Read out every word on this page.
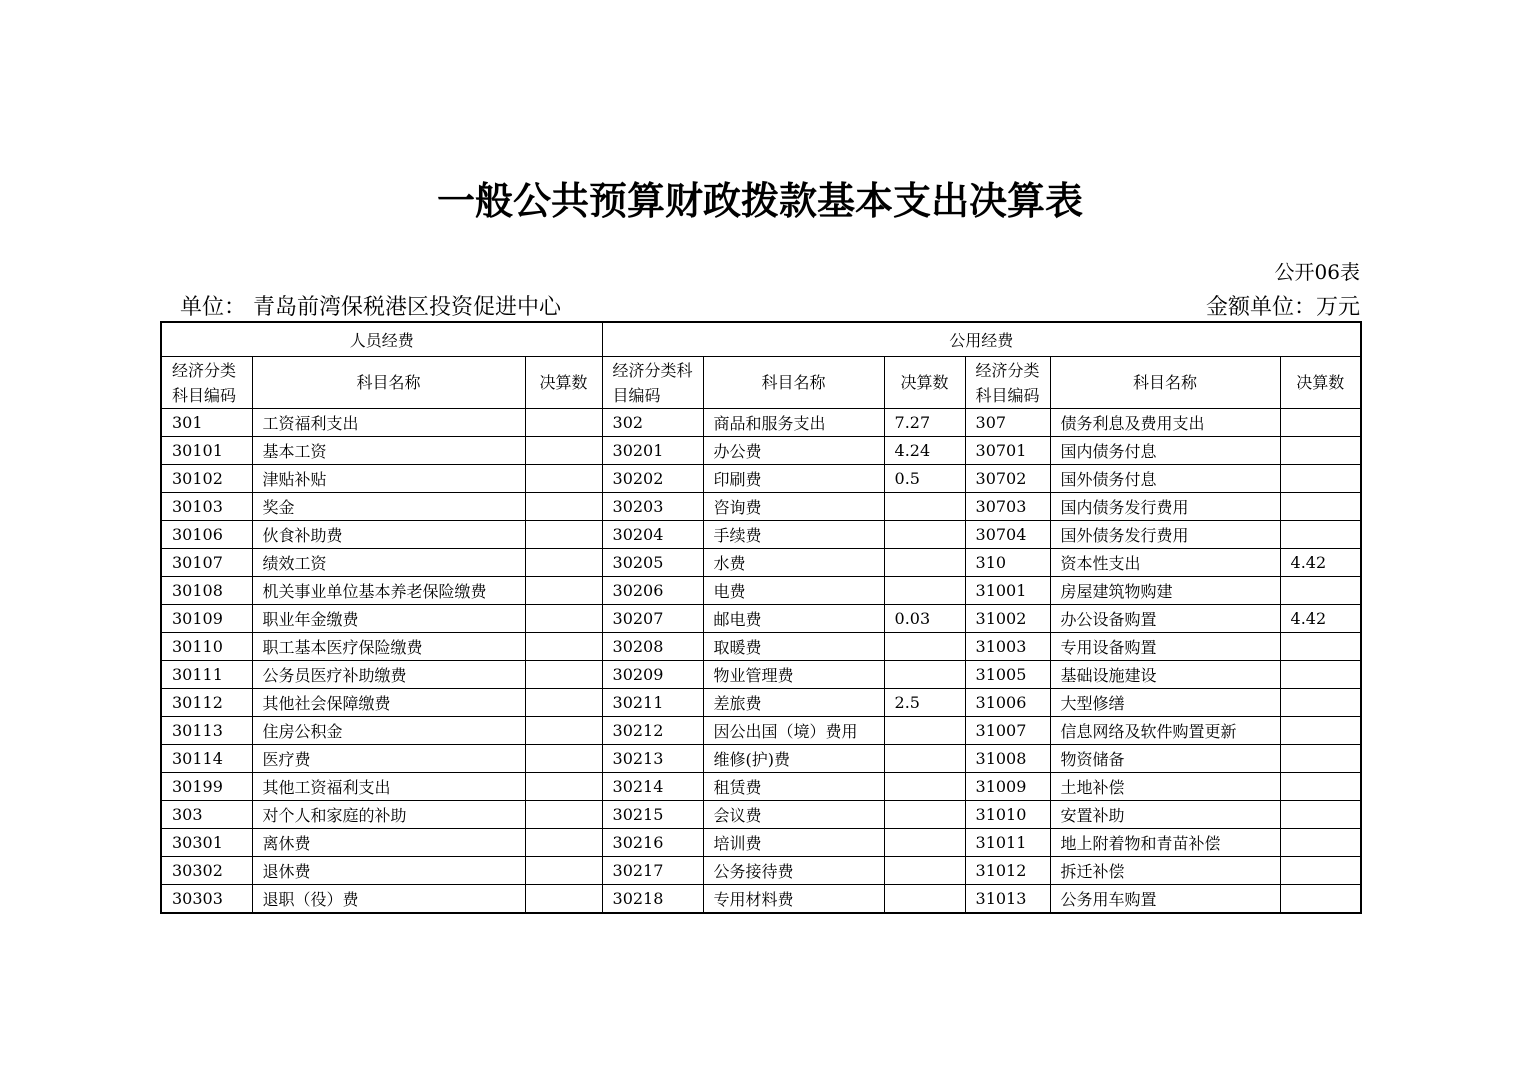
一般公共预算财政拨款基本支出决算表
公开06表
单位： 青岛前湾保税港区投资促进中心	金额单位：万元
人员经费			公用经费					
经济分类科目编码	科目名称	决算数	经济分类科目编码	科目名称	决算数	经济分类科目编码	科目名称	决算数
301	工资福利支出		302	商品和服务支出	7.27	307	债务利息及费用支出	
30101	基本工资		30201	办公费	4.24	30701	国内债务付息	
30102	津贴补贴		30202	印刷费	0.5	30702	国外债务付息	
30103	奖金		30203	咨询费		30703	国内债务发行费用	
30106	伙食补助费		30204	手续费		30704	国外债务发行费用	
30107	绩效工资		30205	水费		310	资本性支出	4.42
30108	机关事业单位基本养老保险缴费		30206	电费		31001	房屋建筑物购建	
30109	职业年金缴费		30207	邮电费	0.03	31002	办公设备购置	4.42
30110	职工基本医疗保险缴费		30208	取暖费		31003	专用设备购置	
30111	公务员医疗补助缴费		30209	物业管理费		31005	基础设施建设	
30112	其他社会保障缴费		30211	差旅费	2.5	31006	大型修缮	
30113	住房公积金		30212	因公出国（境）费用		31007	信息网络及软件购置更新	
30114	医疗费		30213	维修(护)费		31008	物资储备	
30199	其他工资福利支出		30214	租赁费		31009	土地补偿	
303	对个人和家庭的补助		30215	会议费		31010	安置补助	
30301	离休费		30216	培训费		31011	地上附着物和青苗补偿	
30302	退休费		30217	公务接待费		31012	拆迁补偿	
30303	退职（役）费		30218	专用材料费		31013	公务用车购置	
